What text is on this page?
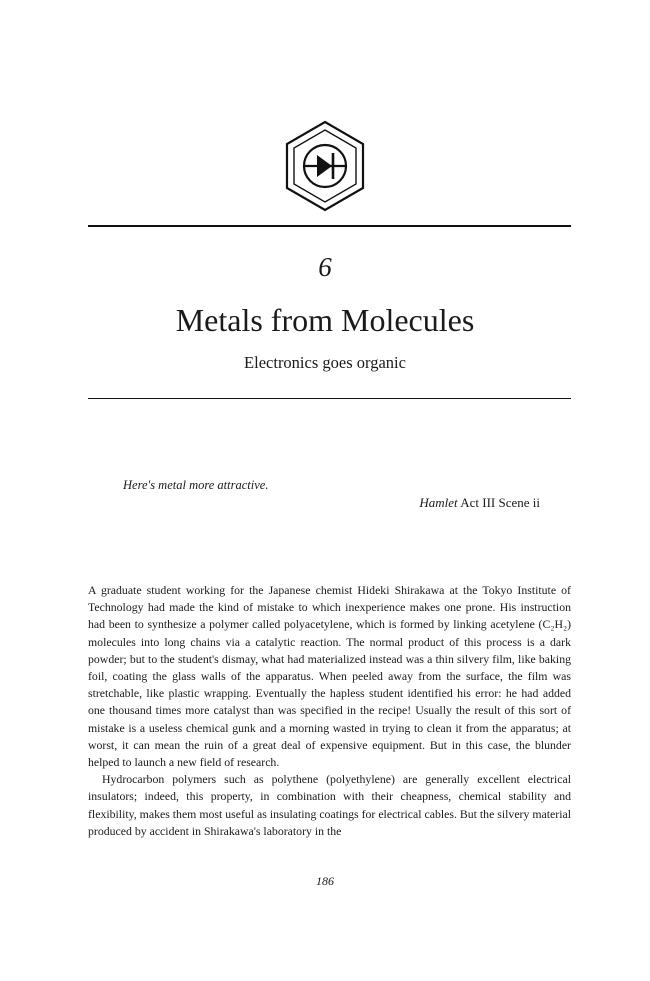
6
Metals from Molecules
Electronics goes organic
Here's metal more attractive.
Hamlet Act III Scene ii

A graduate student working for the Japanese chemist Hideki Shirakawa at the Tokyo Institute of Technology had made the kind of mistake to which inexperience makes one prone. His instruction had been to synthesize a polymer called polyacetylene, which is formed by linking acetylene (C₂H₂) molecules into long chains via a catalytic reaction. The normal product of this process is a dark powder; but to the student's dismay, what had materialized instead was a thin silvery film, like baking foil, coating the glass walls of the apparatus. When peeled away from the surface, the film was stretchable, like plastic wrapping. Eventually the hapless student identified his error: he had added one thousand times more catalyst than was specified in the recipe! Usually the result of this sort of mistake is a useless chemical gunk and a morning wasted in trying to clean it from the apparatus; at worst, it can mean the ruin of a great deal of expensive equipment. But in this case, the blunder helped to launch a new field of research.

Hydrocarbon polymers such as polythene (polyethylene) are generally excellent electrical insulators; indeed, this property, in combination with their cheapness, chemical stability and flexibility, makes them most useful as insulating coatings for electrical cables. But the silvery material produced by accident in Shirakawa's laboratory in the

186
